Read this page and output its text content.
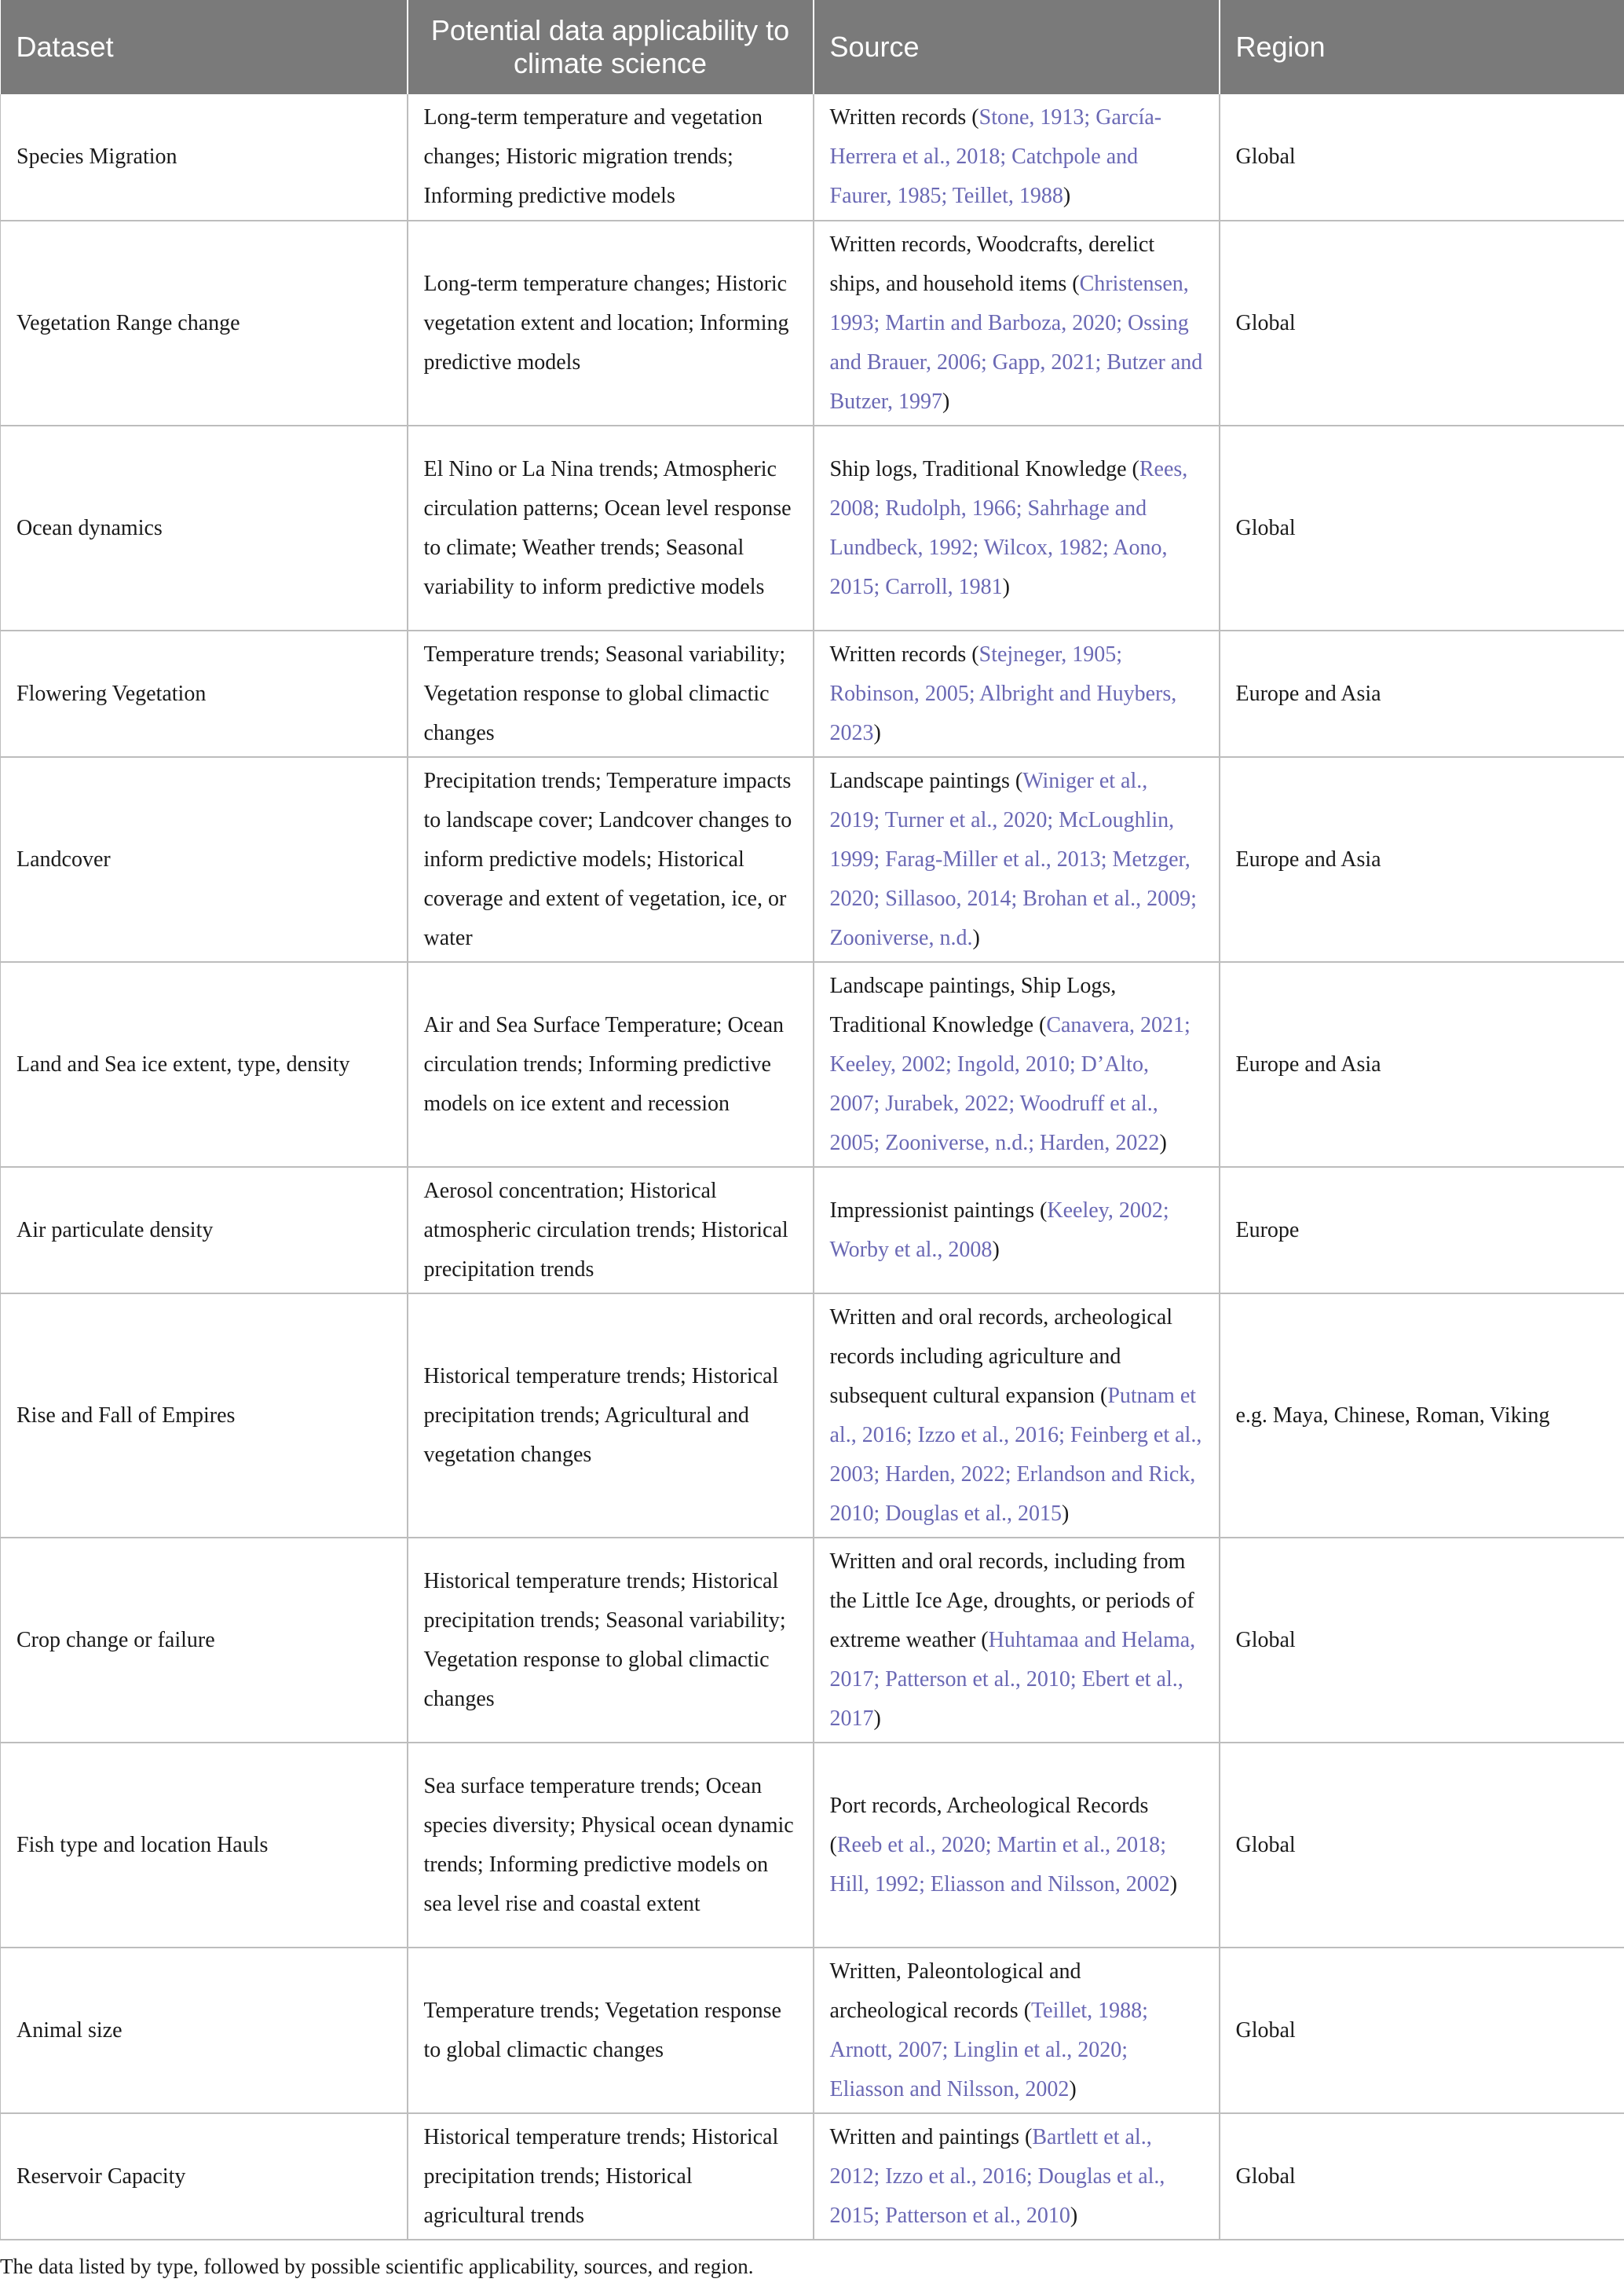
Dataset	Potential data applicability to climate science	Source	Region
Species Migration	Long-term temperature and vegetation changes; Historic migration trends; Informing predictive models	Written records (Stone, 1913; García-Herrera et al., 2018; Catchpole and Faurer, 1985; Teillet, 1988)	Global
Vegetation Range change	Long-term temperature changes; Historic vegetation extent and location; Informing predictive models	Written records, Woodcrafts, derelict ships, and household items (Christensen, 1993; Martin and Barboza, 2020; Ossing and Brauer, 2006; Gapp, 2021; Butzer and Butzer, 1997)	Global
Ocean dynamics	El Nino or La Nina trends; Atmospheric circulation patterns; Ocean level response to climate; Weather trends; Seasonal variability to inform predictive models	Ship logs, Traditional Knowledge (Rees, 2008; Rudolph, 1966; Sahrhage and Lundbeck, 1992; Wilcox, 1982; Aono, 2015; Carroll, 1981)	Global
Flowering Vegetation	Temperature trends; Seasonal variability; Vegetation response to global climactic changes	Written records (Stejneger, 1905; Robinson, 2005; Albright and Huybers, 2023)	Europe and Asia
Landcover	Precipitation trends; Temperature impacts to landscape cover; Landcover changes to inform predictive models; Historical coverage and extent of vegetation, ice, or water	Landscape paintings (Winiger et al., 2019; Turner et al., 2020; McLoughlin, 1999; Farag-Miller et al., 2013; Metzger, 2020; Sillasoo, 2014; Brohan et al., 2009; Zooniverse, n.d.)	Europe and Asia
Land and Sea ice extent, type, density	Air and Sea Surface Temperature; Ocean circulation trends; Informing predictive models on ice extent and recession	Landscape paintings, Ship Logs, Traditional Knowledge (Canavera, 2021; Keeley, 2002; Ingold, 2010; D’Alto, 2007; Jurabek, 2022; Woodruff et al., 2005; Zooniverse, n.d.; Harden, 2022)	Europe and Asia
Air particulate density	Aerosol concentration; Historical atmospheric circulation trends; Historical precipitation trends	Impressionist paintings (Keeley, 2002; Worby et al., 2008)	Europe
Rise and Fall of Empires	Historical temperature trends; Historical precipitation trends; Agricultural and vegetation changes	Written and oral records, archeological records including agriculture and subsequent cultural expansion (Putnam et al., 2016; Izzo et al., 2016; Feinberg et al., 2003; Harden, 2022; Erlandson and Rick, 2010; Douglas et al., 2015)	e.g. Maya, Chinese, Roman, Viking
Crop change or failure	Historical temperature trends; Historical precipitation trends; Seasonal variability; Vegetation response to global climactic changes	Written and oral records, including from the Little Ice Age, droughts, or periods of extreme weather (Huhtamaa and Helama, 2017; Patterson et al., 2010; Ebert et al., 2017)	Global
Fish type and location Hauls	Sea surface temperature trends; Ocean species diversity; Physical ocean dynamic trends; Informing predictive models on sea level rise and coastal extent	Port records, Archeological Records (Reeb et al., 2020; Martin et al., 2018; Hill, 1992; Eliasson and Nilsson, 2002)	Global
Animal size	Temperature trends; Vegetation response to global climactic changes	Written, Paleontological and archeological records (Teillet, 1988; Arnott, 2007; Linglin et al., 2020; Eliasson and Nilsson, 2002)	Global
Reservoir Capacity	Historical temperature trends; Historical precipitation trends; Historical agricultural trends	Written and paintings (Bartlett et al., 2012; Izzo et al., 2016; Douglas et al., 2015; Patterson et al., 2010)	Global
The data listed by type, followed by possible scientific applicability, sources, and region.
